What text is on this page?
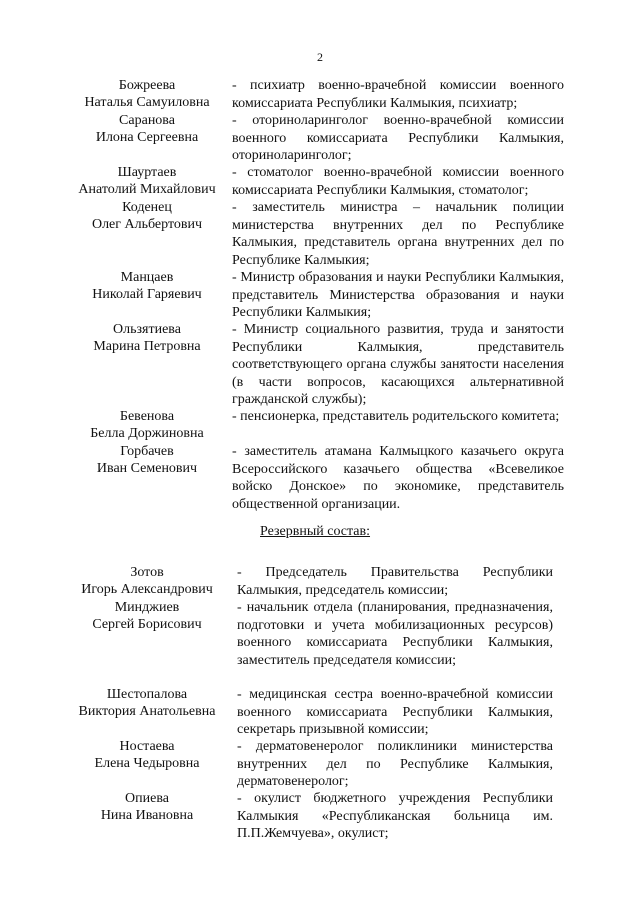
2
Божреева
Наталья Самуиловна
- психиатр военно-врачебной комиссии военного комиссариата Республики Калмыкия, психиатр;
Саранова
Илона Сергеевна
- оториноларинголог военно-врачебной комиссии военного комиссариата Республики Калмыкия, оториноларинголог;
Шауртаев
Анатолий Михайлович
- стоматолог военно-врачебной комиссии военного комиссариата Республики Калмыкия, стоматолог;
Коденец
Олег Альбертович
- заместитель министра – начальник полиции министерства внутренних дел по Республике Калмыкия, представитель органа внутренних дел по Республике Калмыкия;
Манцаев
Николай Гаряевич
- Министр образования и науки Республики Калмыкия, представитель Министерства образования и науки Республики Калмыкия;
Ользятиева
Марина Петровна
- Министр социального развития, труда и занятости Республики Калмыкия, представитель соответствующего органа службы занятости населения (в части вопросов, касающихся альтернативной гражданской службы);
Бевенова
Белла Доржиновна
- пенсионерка, представитель родительского комитета;
Горбачев
Иван Семенович
- заместитель атамана Калмыцкого казачьего округа Всероссийского казачьего общества «Всевеликое войско Донское» по экономике, представитель общественной организации.
Резервный состав:
Зотов
Игорь Александрович
- Председатель Правительства Республики Калмыкия, председатель комиссии;
Минджиев
Сергей Борисович
- начальник отдела (планирования, предназначения, подготовки и учета мобилизационных ресурсов) военного комиссариата Республики Калмыкия, заместитель председателя комиссии;
Шестопалова
Виктория Анатольевна
- медицинская сестра военно-врачебной комиссии военного комиссариата Республики Калмыкия, секретарь призывной комиссии;
Ностаева
Елена Чедыровна
- дерматовенеролог поликлиники министерства внутренних дел по Республике Калмыкия, дерматовенеролог;
Опиева
Нина Ивановна
- окулист бюджетного учреждения Республики Калмыкия «Республиканская больница им. П.П.Жемчуева», окулист;
